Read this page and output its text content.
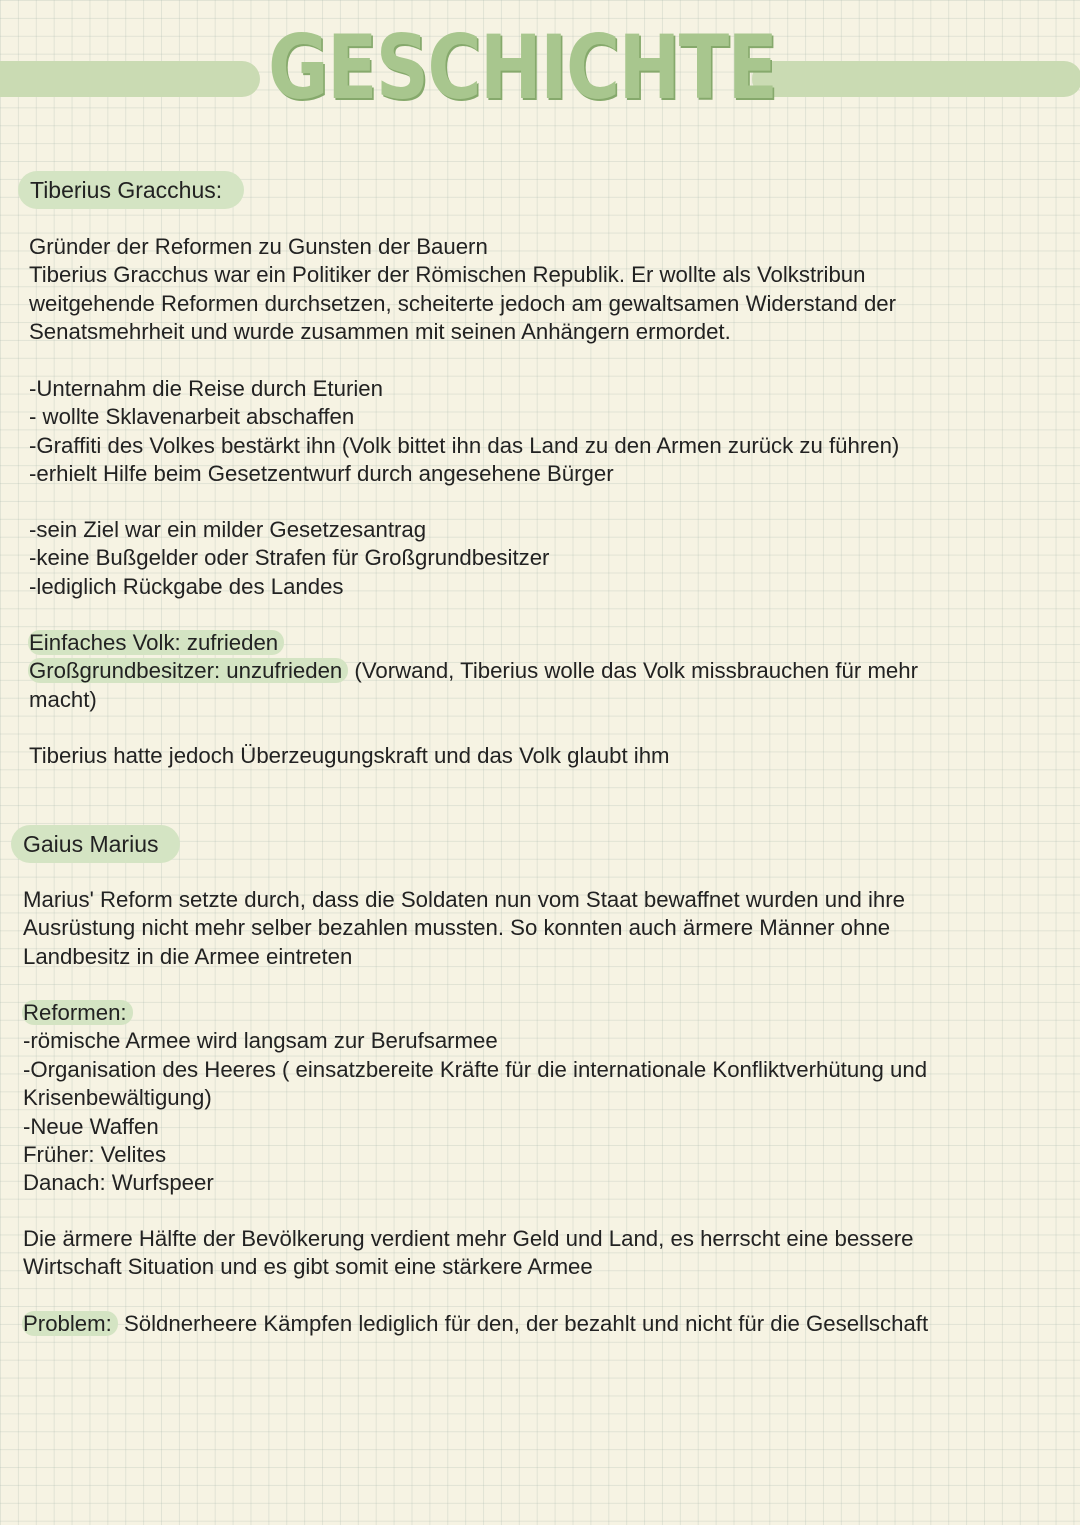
GESCHICHTE
Tiberius Gracchus:
Gründer der Reformen zu Gunsten der Bauern
Tiberius Gracchus war ein Politiker der Römischen Republik. Er wollte als Volkstribun
weitgehende Reformen durchsetzen, scheiterte jedoch am gewaltsamen Widerstand der
Senatsmehrheit und wurde zusammen mit seinen Anhängern ermordet.
-Unternahm die Reise durch Eturien
- wollte Sklavenarbeit abschaffen
-Graffiti des Volkes bestärkt ihn (Volk bittet ihn das Land zu den Armen zurück zu führen)
-erhielt Hilfe beim Gesetzentwurf durch angesehene Bürger
-sein Ziel war ein milder Gesetzesantrag
-keine Bußgelder oder Strafen für Großgrundbesitzer
-lediglich Rückgabe des Landes
Einfaches Volk: zufrieden
Großgrundbesitzer: unzufrieden (Vorwand, Tiberius wolle das Volk missbrauchen für mehr
macht)
Tiberius hatte jedoch Überzeugungskraft und das Volk glaubt ihm
Gaius Marius
Marius' Reform setzte durch, dass die Soldaten nun vom Staat bewaffnet wurden und ihre
Ausrüstung nicht mehr selber bezahlen mussten. So konnten auch ärmere Männer ohne
Landbesitz in die Armee eintreten
Reformen:
-römische Armee wird langsam zur Berufsarmee
-Organisation des Heeres ( einsatzbereite Kräfte für die internationale Konfliktverhütung und
Krisenbewältigung)
-Neue Waffen
Früher: Velites
Danach: Wurfspeer
Die ärmere Hälfte der Bevölkerung verdient mehr Geld und Land, es herrscht eine bessere
Wirtschaft Situation und es gibt somit eine stärkere Armee
Problem: Söldnerheere Kämpfen lediglich für den, der bezahlt und nicht für die Gesellschaft
